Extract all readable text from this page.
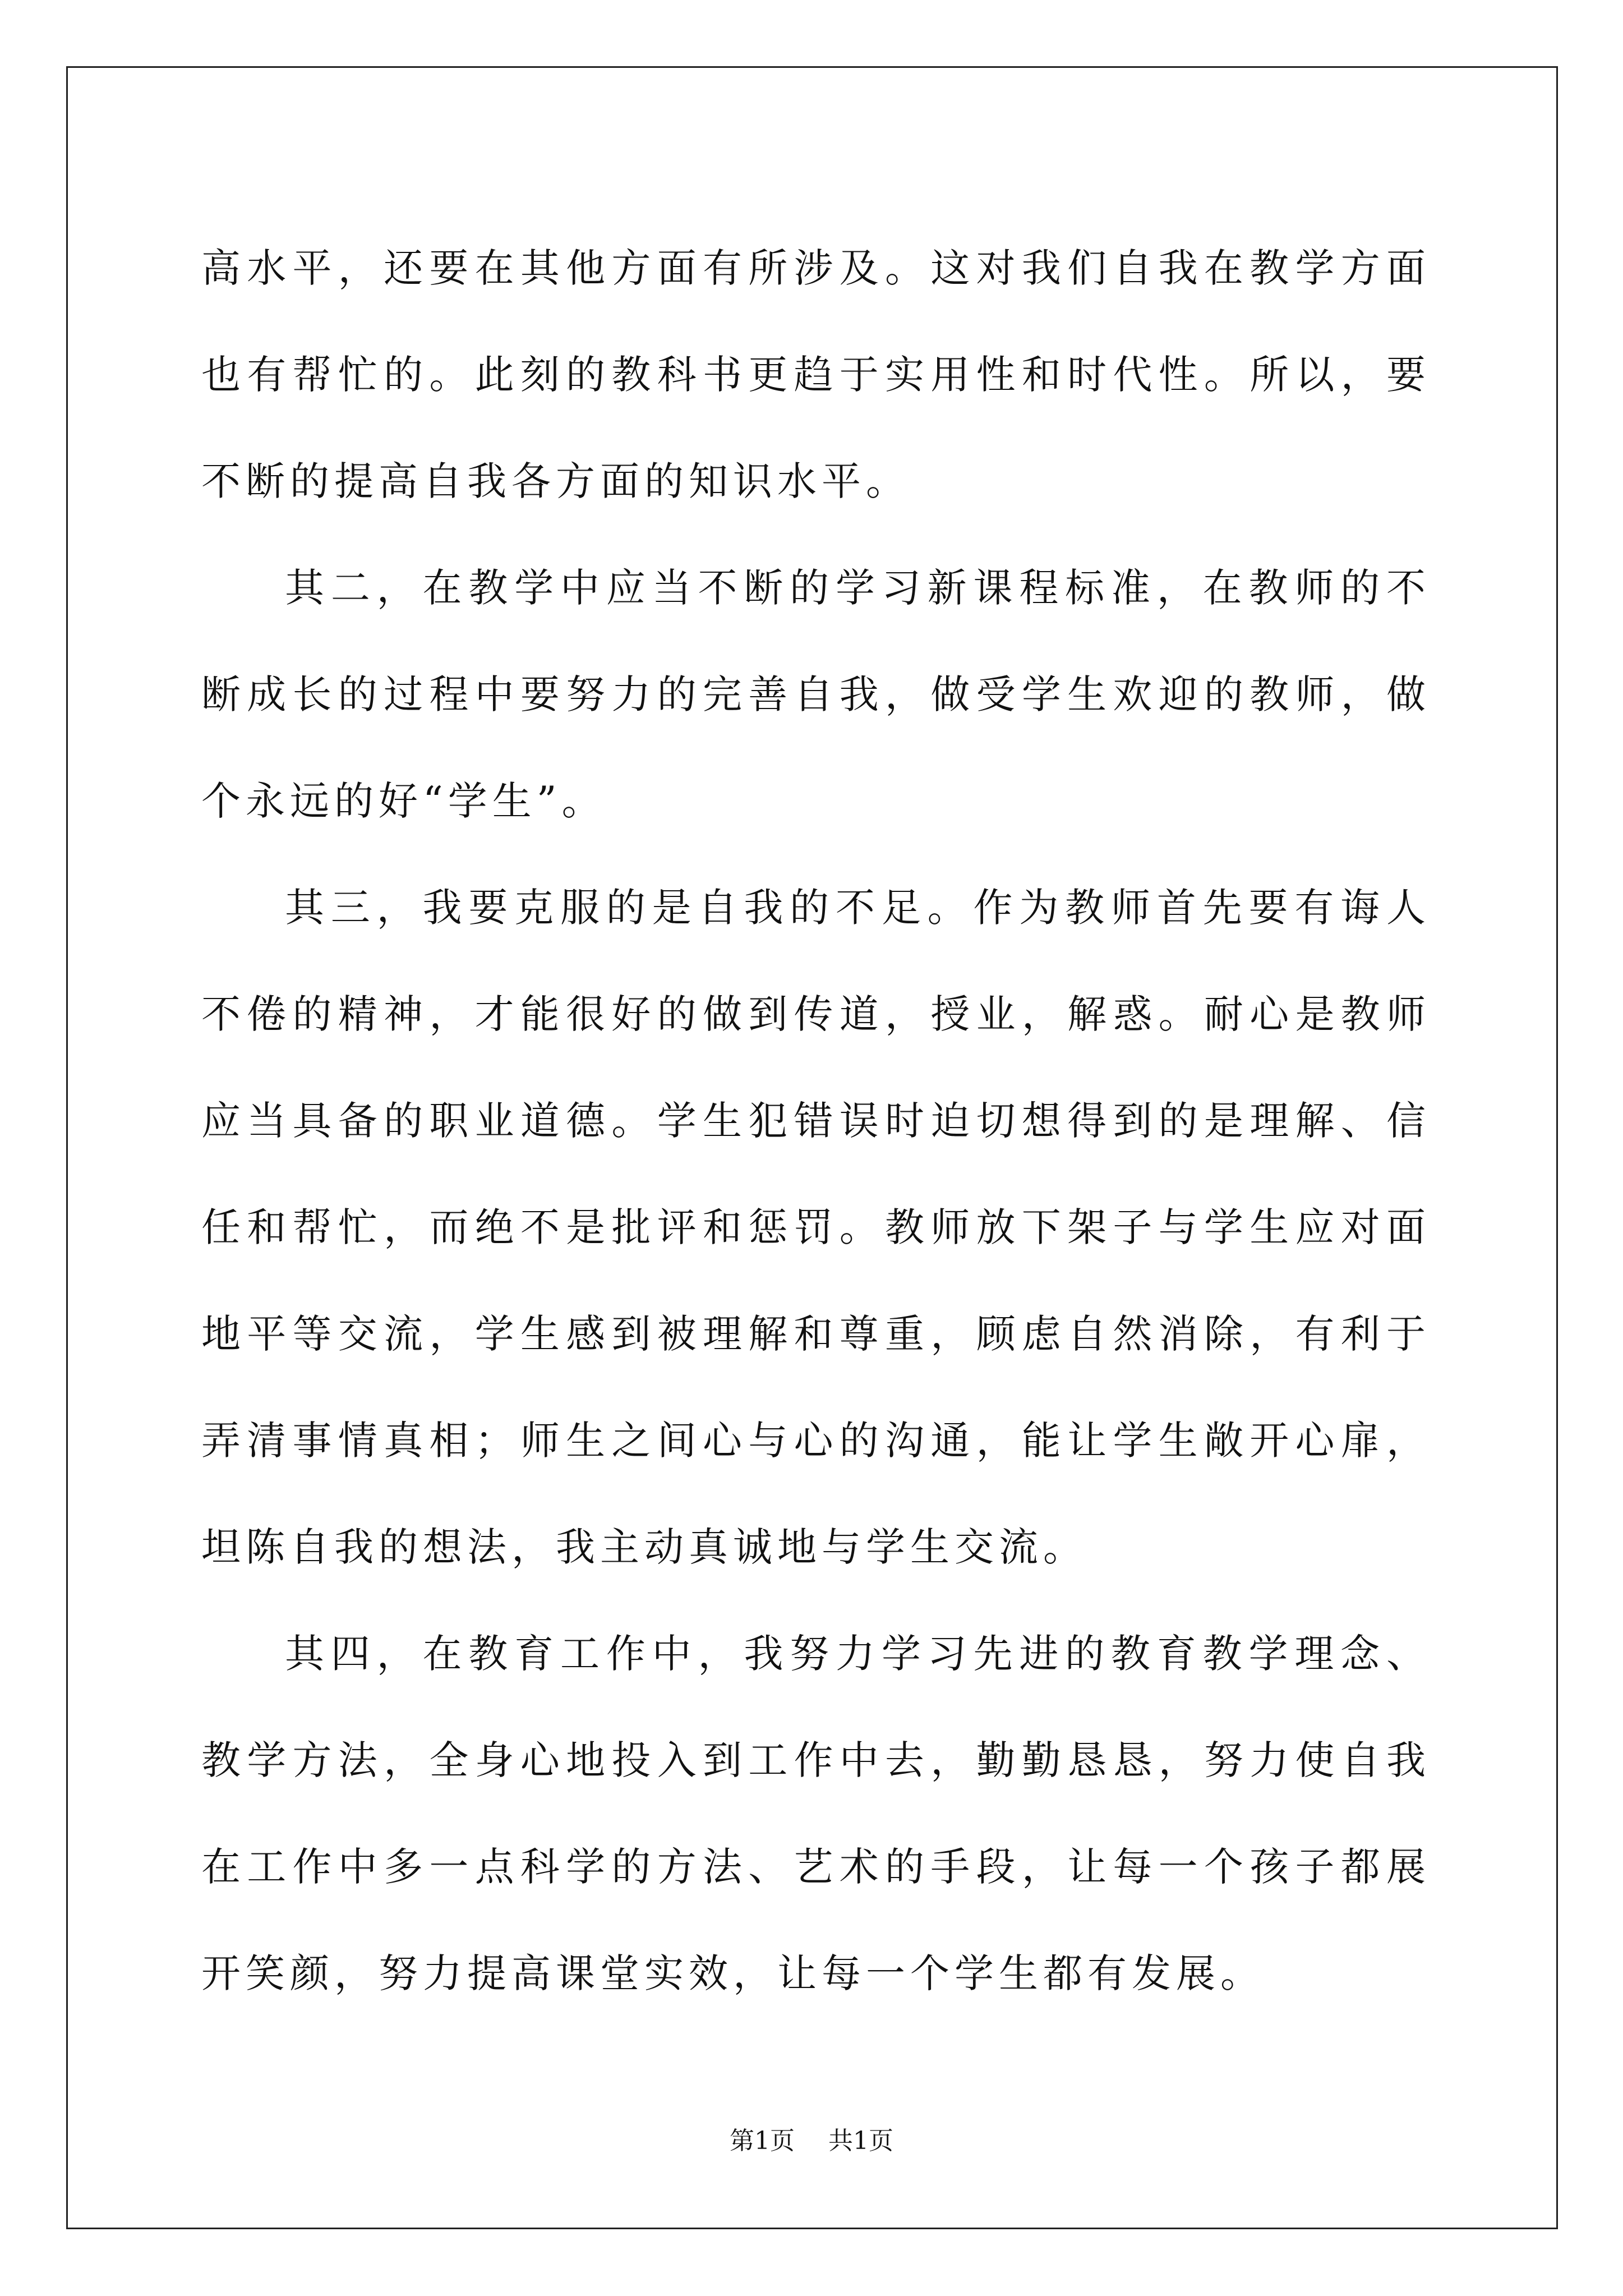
高水平，还要在其他方面有所涉及。这对我们自我在教学方面也有帮忙的。此刻的教科书更趋于实用性和时代性。所以，要不断的提高自我各方面的知识水平。

其二，在教学中应当不断的学习新课程标准，在教师的不断成长的过程中要努力的完善自我，做受学生欢迎的教师，做个永远的好“学生”。

其三，我要克服的是自我的不足。作为教师首先要有诲人不倦的精神，才能很好的做到传道，授业，解惑。耐心是教师应当具备的职业道德。学生犯错误时迫切想得到的是理解、信任和帮忙，而绝不是批评和惩罚。教师放下架子与学生应对面地平等交流，学生感到被理解和尊重，顾虑自然消除，有利于弄清事情真相；师生之间心与心的沟通，能让学生敞开心扉，坦陈自我的想法，我主动真诚地与学生交流。

其四，在教育工作中，我努力学习先进的教育教学理念、教学方法，全身心地投入到工作中去，勤勤恳恳，努力使自我在工作中多一点科学的方法、艺术的手段，让每一个孩子都展开笑颜，努力提高课堂实效，让每一个学生都有发展。

第1页 共1页
